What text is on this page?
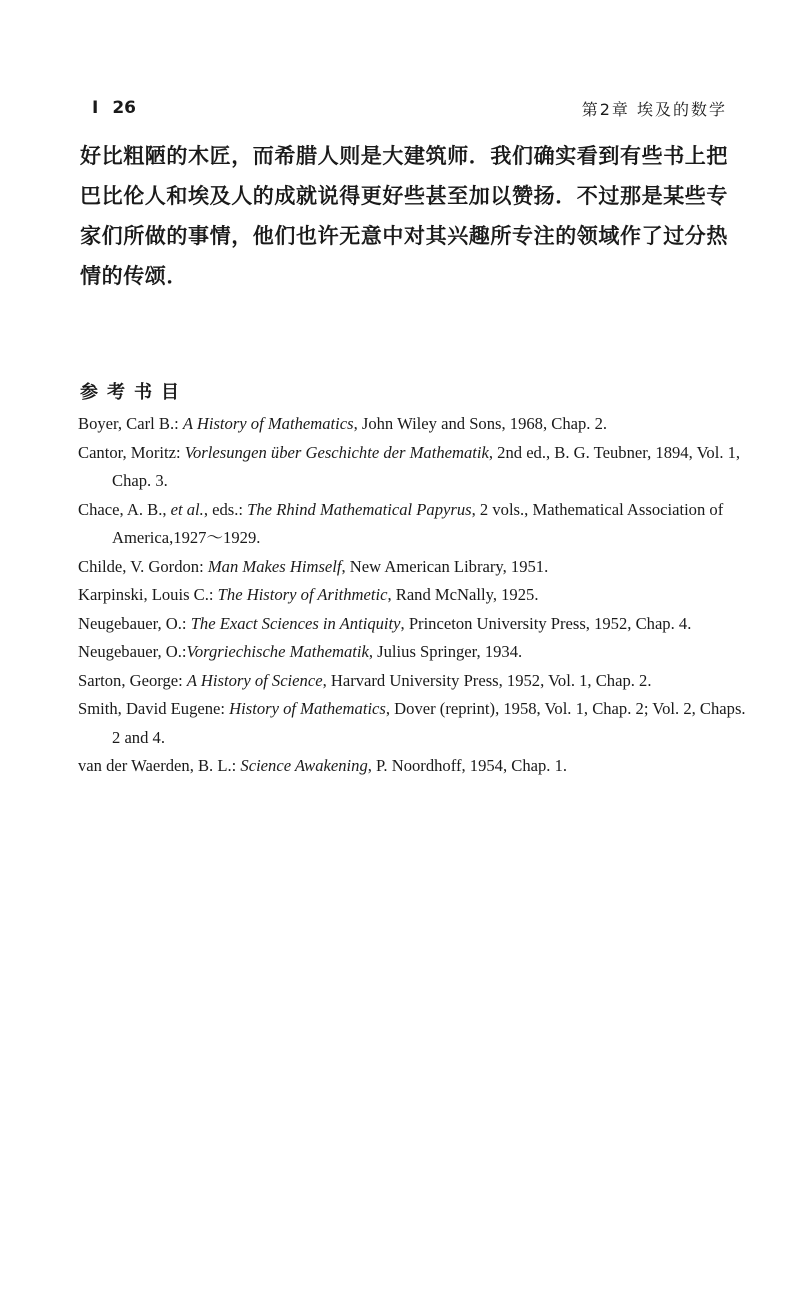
I 26	第2章 埃及的数学

好比粗陋的木匠，而希腊人则是大建筑师．我们确实看到有些书上把巴比伦人和埃及人的成就说得更好些甚至加以赞扬．不过那是某些专家们所做的事情，他们也许无意中对其兴趣所专注的领域作了过分热情的传颂．

参考书目
Boyer, Carl B.: A History of Mathematics, John Wiley and Sons, 1968, Chap. 2.
Cantor, Moritz: Vorlesungen über Geschichte der Mathematik, 2nd ed., B. G. Teubner, 1894, Vol. 1, Chap. 3.
Chace, A. B., et al., eds.: The Rhind Mathematical Papyrus, 2 vols., Mathematical Association of America,1927～1929.
Childe, V. Gordon: Man Makes Himself, New American Library, 1951.
Karpinski, Louis C.: The History of Arithmetic, Rand McNally, 1925.
Neugebauer, O.: The Exact Sciences in Antiquity, Princeton University Press, 1952, Chap. 4.
Neugebauer, O.:Vorgriechische Mathematik, Julius Springer, 1934.
Sarton, George: A History of Science, Harvard University Press, 1952, Vol. 1, Chap. 2.
Smith, David Eugene: History of Mathematics, Dover (reprint), 1958, Vol. 1, Chap. 2; Vol. 2, Chaps. 2 and 4.
van der Waerden, B. L.: Science Awakening, P. Noordhoff, 1954, Chap. 1.
